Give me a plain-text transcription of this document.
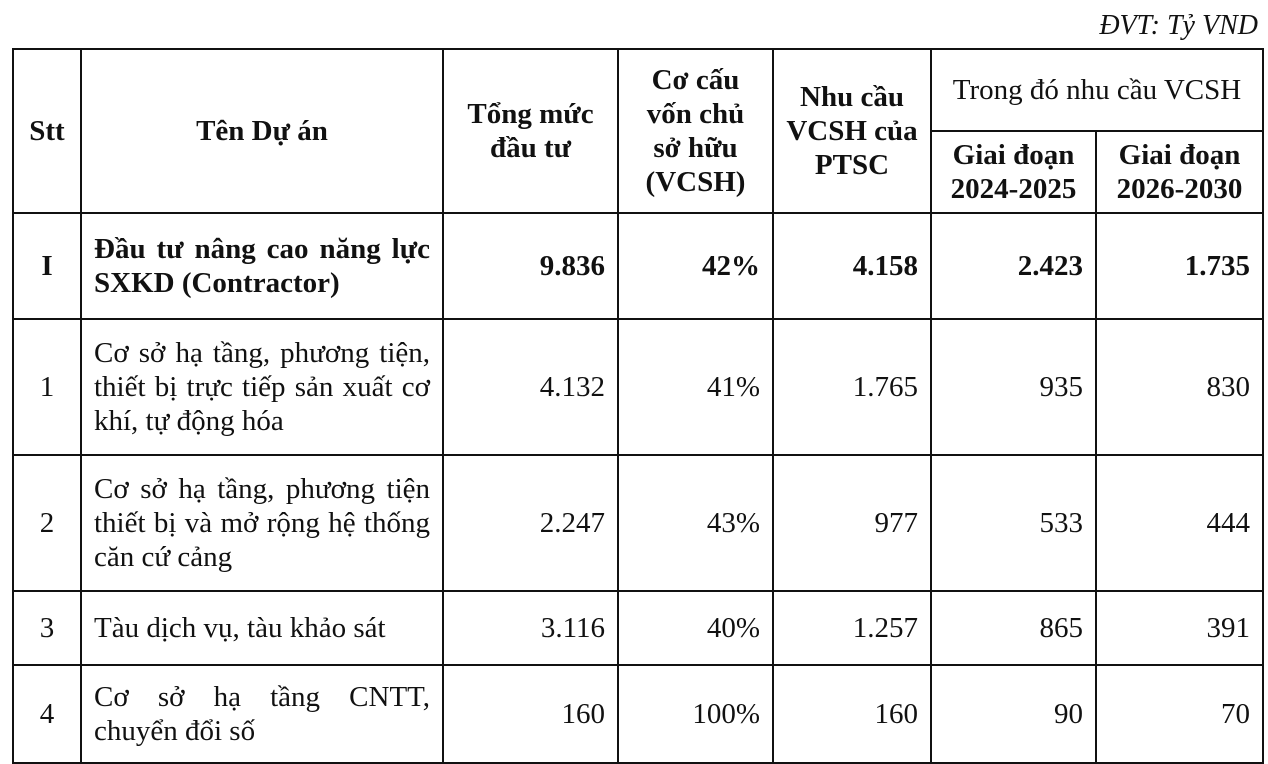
ĐVT: Tỷ VND
Stt	Tên Dự án	Tổng mức đầu tư	Cơ cấu vốn chủ sở hữu (VCSH)	Nhu cầu VCSH của PTSC	Trong đó nhu cầu VCSH	
					Giai đoạn 2024-2025	Giai đoạn 2026-2030
I	Đầu tư nâng cao năng lực SXKD (Contractor)	9.836	42%	4.158	2.423	1.735
1	Cơ sở hạ tầng, phương tiện, thiết bị trực tiếp sản xuất cơ khí, tự động hóa	4.132	41%	1.765	935	830
2	Cơ sở hạ tầng, phương tiện thiết bị và mở rộng hệ thống căn cứ cảng	2.247	43%	977	533	444
3	Tàu dịch vụ, tàu khảo sát	3.116	40%	1.257	865	391
4	Cơ sở hạ tầng CNTT, chuyển đổi số	160	100%	160	90	70
